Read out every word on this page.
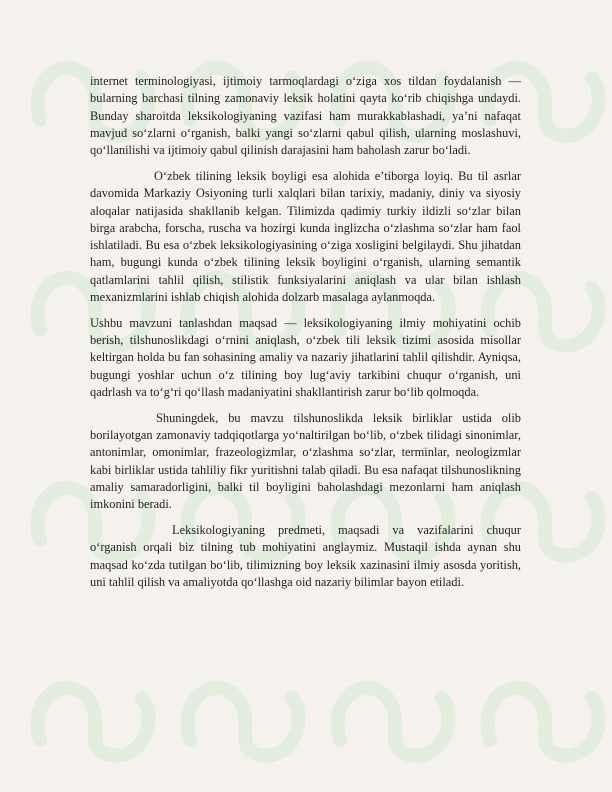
internet terminologiyasi, ijtimoiy tarmoqlardagi o‘ziga xos tildan foydalanish — bularning barchasi tilning zamonaviy leksik holatini qayta ko‘rib chiqishga undaydi. Bunday sharoitda leksikologiyaning vazifasi ham murakkablashadi, ya’ni nafaqat mavjud so‘zlarni o‘rganish, balki yangi so‘zlarni qabul qilish, ularning moslashuvi, qo‘llanilishi va ijtimoiy qabul qilinish darajasini ham baholash zarur bo‘ladi.

O‘zbek tilining leksik boyligi esa alohida e’tiborga loyiq. Bu til asrlar davomida Markaziy Osiyoning turli xalqlari bilan tarixiy, madaniy, diniy va siyosiy aloqalar natijasida shakllanib kelgan. Tilimizda qadimiy turkiy ildizli so‘zlar bilan birga arabcha, forscha, ruscha va hozirgi kunda inglizcha o‘zlashma so‘zlar ham faol ishlatiladi. Bu esa o‘zbek leksikologiyasining o‘ziga xosligini belgilaydi. Shu jihatdan ham, bugungi kunda o‘zbek tilining leksik boyligini o‘rganish, ularning semantik qatlamlarini tahlil qilish, stilistik funksiyalarini aniqlash va ular bilan ishlash mexanizmlarini ishlab chiqish alohida dolzarb masalaga aylanmoqda.

Ushbu mavzuni tanlashdan maqsad — leksikologiyaning ilmiy mohiyatini ochib berish, tilshunoslikdagi o‘rnini aniqlash, o‘zbek tili leksik tizimi asosida misollar keltirgan holda bu fan sohasining amaliy va nazariy jihatlarini tahlil qilishdir. Ayniqsa, bugungi yoshlar uchun o‘z tilining boy lug‘aviy tarkibini chuqur o‘rganish, uni qadrlash va to‘g‘ri qo‘llash madaniyatini shakllantirish zarur bo‘lib qolmoqda.

Shuningdek, bu mavzu tilshunoslikda leksik birliklar ustida olib borilayotgan zamonaviy tadqiqotlarga yo‘naltirilgan bo‘lib, o‘zbek tilidagi sinonimlar, antonimlar, omonimlar, frazeologizmlar, o‘zlashma so‘zlar, terminlar, neologizmlar kabi birliklar ustida tahliliy fikr yuritishni talab qiladi. Bu esa nafaqat tilshunoslikning amaliy samaradorligini, balki til boyligini baholashdagi mezonlarni ham aniqlash imkonini beradi.

Leksikologiyaning predmeti, maqsadi va vazifalarini chuqur o‘rganish orqali biz tilning tub mohiyatini anglaymiz. Mustaqil ishda aynan shu maqsad ko‘zda tutilgan bo‘lib, tilimizning boy leksik xazinasini ilmiy asosda yoritish, uni tahlil qilish va amaliyotda qo‘llashga oid nazariy bilimlar bayon etiladi.
